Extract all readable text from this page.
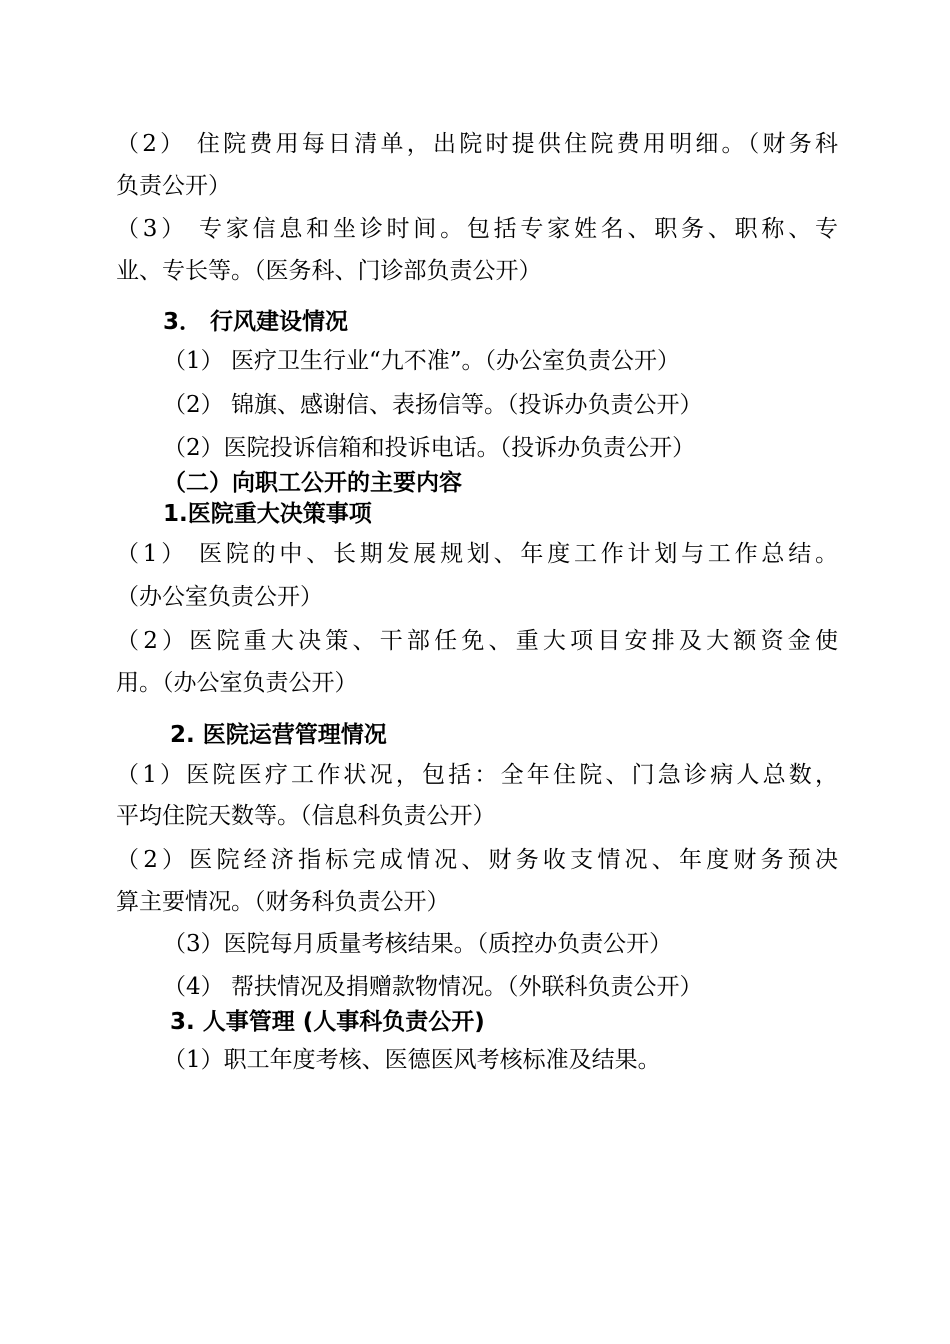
（2） 住院费用每日清单，出院时提供住院费用明细。（财务科

负责公开）

（3） 专家信息和坐诊时间。包括专家姓名、职务、职称、专

业、专长等。（医务科、门诊部负责公开）

3． 行风建设情况

（1） 医疗卫生行业“九不准”。（办公室负责公开）

（2） 锦旗、感谢信、表扬信等。（投诉办负责公开）

（2）医院投诉信箱和投诉电话。（投诉办负责公开）

（二）向职工公开的主要内容

1.医院重大决策事项

（1） 医院的中、长期发展规划、年度工作计划与工作总结。

（办公室负责公开）

（2）医院重大决策、干部任免、重大项目安排及大额资金使

用。（办公室负责公开）

2. 医院运营管理情况

（1）医院医疗工作状况，包括：全年住院、门急诊病人总数，

平均住院天数等。（信息科负责公开）

（2）医院经济指标完成情况、财务收支情况、年度财务预决

算主要情况。（财务科负责公开）

（3）医院每月质量考核结果。（质控办负责公开）

（4） 帮扶情况及捐赠款物情况。（外联科负责公开）

3. 人事管理 (人事科负责公开)

（1）职工年度考核、医德医风考核标准及结果。
